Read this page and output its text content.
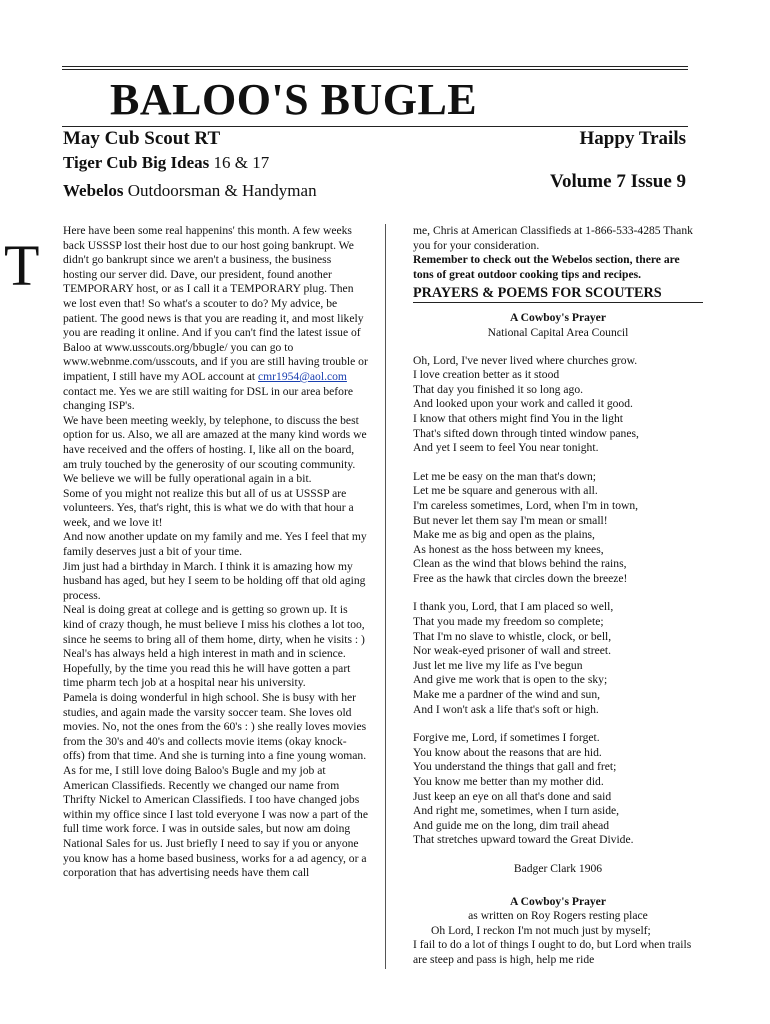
BALOO'S BUGLE
May Cub Scout RT
Tiger Cub Big Ideas 16 & 17
Webelos Outdoorsman & Handyman
Happy Trails
Volume 7 Issue 9
T

Here have been some real happenins' this month. A few weeks back USSSP lost their host due to our host going bankrupt. We didn't go bankrupt since we aren't a business, the business hosting our server did. Dave, our president, found another TEMPORARY host, or as I call it a TEMPORARY plug. Then we lost even that! So what's a scouter to do? My advice, be patient. The good news is that you are reading it, and most likely you are reading it online. And if you can't find the latest issue of Baloo at www.usscouts.org/bbugle/ you can go to www.webnme.com/usscouts, and if you are still having trouble or impatient, I still have my AOL account at cmr1954@aol.com contact me. Yes we are still waiting for DSL in our area before changing ISP's.

We have been meeting weekly, by telephone, to discuss the best option for us. Also, we all are amazed at the many kind words we have received and the offers of hosting. I, like all on the board, am truly touched by the generosity of our scouting community. We believe we will be fully operational again in a bit.

Some of you might not realize this but all of us at USSSP are volunteers. Yes, that's right, this is what we do with that hour a week, and we love it!

And now another update on my family and me. Yes I feel that my family deserves just a bit of your time.

Jim just had a birthday in March. I think it is amazing how my husband has aged, but hey I seem to be holding off that old aging process.

Neal is doing great at college and is getting so grown up. It is kind of crazy though, he must believe I miss his clothes a lot too, since he seems to bring all of them home, dirty, when he visits : ) Neal's has always held a high interest in math and in science. Hopefully, by the time you read this he will have gotten a part time pharm tech job at a hospital near his university.

Pamela is doing wonderful in high school. She is busy with her studies, and again made the varsity soccer team. She loves old movies. No, not the ones from the 60's : ) she really loves movies from the 30's and 40's and collects movie items (okay knock-offs) from that time. And she is turning into a fine young woman.

As for me, I still love doing Baloo's Bugle and my job at American Classifieds. Recently we changed our name from Thrifty Nickel to American Classifieds. I too have changed jobs within my office since I last told everyone I was now a part of the full time work force. I was in outside sales, but now am doing National Sales for us. Just briefly I need to say if you or anyone you know has a home based business, works for a ad agency, or a corporation that has advertising needs have them call

me, Chris at American Classifieds at 1-866-533-4285 Thank you for your consideration.

Remember to check out the Webelos section, there are tons of great outdoor cooking tips and recipes.

PRAYERS & POEMS FOR SCOUTERS
A Cowboy's Prayer
National Capital Area Council
Oh, Lord, I've never lived where churches grow.
I love creation better as it stood
That day you finished it so long ago.
And looked upon your work and called it good.
I know that others might find You in the light
That's sifted down through tinted window panes,
And yet I seem to feel You near tonight.
Let me be easy on the man that's down;
Let me be square and generous with all.
I'm careless sometimes, Lord, when I'm in town,
But never let them say I'm mean or small!
Make me as big and open as the plains,
As honest as the hoss between my knees,
Clean as the wind that blows behind the rains,
Free as the hawk that circles down the breeze!
I thank you, Lord, that I am placed so well,
That you made my freedom so complete;
That I'm no slave to whistle, clock, or bell,
Nor weak-eyed prisoner of wall and street.
Just let me live my life as I've begun
And give me work that is open to the sky;
Make me a pardner of the wind and sun,
And I won't ask a life that's soft or high.
Forgive me, Lord, if sometimes I forget.
You know about the reasons that are hid.
You understand the things that gall and fret;
You know me better than my mother did.
Just keep an eye on all that's done and said
And right me, sometimes, when I turn aside,
And guide me on the long, dim trail ahead
That stretches upward toward the Great Divide.
Badger Clark 1906
A Cowboy's Prayer
as written on Roy Rogers resting place
Oh Lord, I reckon I'm not much just by myself;
I fail to do a lot of things I ought to do, but Lord when trails are steep and pass is high, help me ride
